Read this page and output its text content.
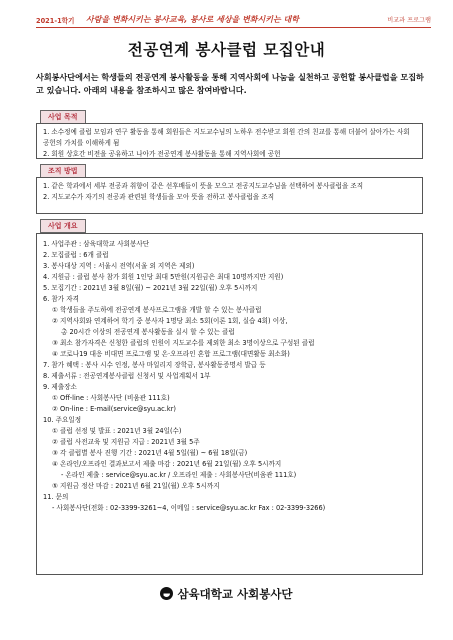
2021-1학기 사람을 변화시키는 봉사교육, 봉사로 세상을 변화시키는 대학	비교과 프로그램
전공연계 봉사클럽 모집안내
사회봉사단에서는 학생들의 전공연계 봉사활동을 통해 지역사회에 나눔을 실천하고 공헌할 봉사클럽을 모집하고 있습니다. 아래의 내용을 참조하시고 많은 참여바랍니다.
사업 목적
1. 소수정예 클럽 모임과 연구 활동을 통해 회원들은 지도교수님의 노하우 전수받고 회원 간의 친교를 통해 더불어 살아가는 사회 공헌의 가치를 이해하게 됨
2. 회원 상호간 비전을 공유하고 나아가 전공연계 봉사활동을 통해 지역사회에 공헌
조직 방법
1. 같은 학과에서 세부 전공과 취향이 같은 선후배들이 뜻을 모으고 전공지도교수님을 선택하여 봉사클럽을 조직
2. 지도교수가 자기의 전공과 관련된 학생들을 모아 뜻을 전하고 봉사클럽을 조직
사업 개요
1. 사업주관 : 삼육대학교 사회봉사단
2. 모집클럽 : 6개 클럽
3. 봉사대상 지역 : 서울시 전역(서울 외 지역은 제외)
4. 지원금 : 클럽 봉사 참가 회원 1인당 최대 5만원(지원금은 최대 10명까지만 지원)
5. 모집기간 : 2021년 3월 8일(월) ~ 2021년 3월 22일(월) 오후 5시까지
6. 참가 자격
① 학생들을 주도하에 전공연계 봉사프로그램을 개발 할 수 있는 봉사클럽
② 지역사회와 연계하여 학기 중 봉사자 1명당 최소 5회(이론 1회, 실습 4회) 이상,
총 20시간 이상의 전공연계 봉사활동을 실시 할 수 있는 클럽
③ 최소 참가자격은 신청한 클럽의 인원이 지도교수를 제외한 최소 3명이상으로 구성된 클럽
④ 코로나19 대응 비대면 프로그램 및 온·오프라인 혼합 프로그램(대면활동 최소화)
7. 참가 혜택 : 봉사 시수 인정, 봉사 마일리지 장학금, 봉사활동증명서 발급 등
8. 제출서류 : 전공연계봉사클럽 신청서 및 사업계획서 1부
9. 제출장소
① Off-line : 사회봉사단 (비움관 111호)
② On-line : E-mail(service@syu.ac.kr)
10. 주요일정
① 클럽 선정 및 발표 : 2021년 3월 24일(수)
② 클럽 사전교육 및 지원금 지급 : 2021년 3월 5주
③ 각 클럽별 봉사 진행 기간 : 2021년 4월 5일(월) ~ 6월 18일(금)
④ 온라인/오프라인 결과보고서 제출 마감 : 2021년 6월 21일(월) 오후 5시까지
- 온라인 제출 : service@syu.ac.kr / 오프라인 제출 : 사회봉사단(비움관 111호)
⑤ 지원금 정산 마감 : 2021년 6월 21일(월) 오후 5시까지
11. 문의
- 사회봉사단(전화 : 02-3399-3261~4, 이메일 : service@syu.ac.kr Fax : 02-3399-3266)
삼육대학교 사회봉사단
